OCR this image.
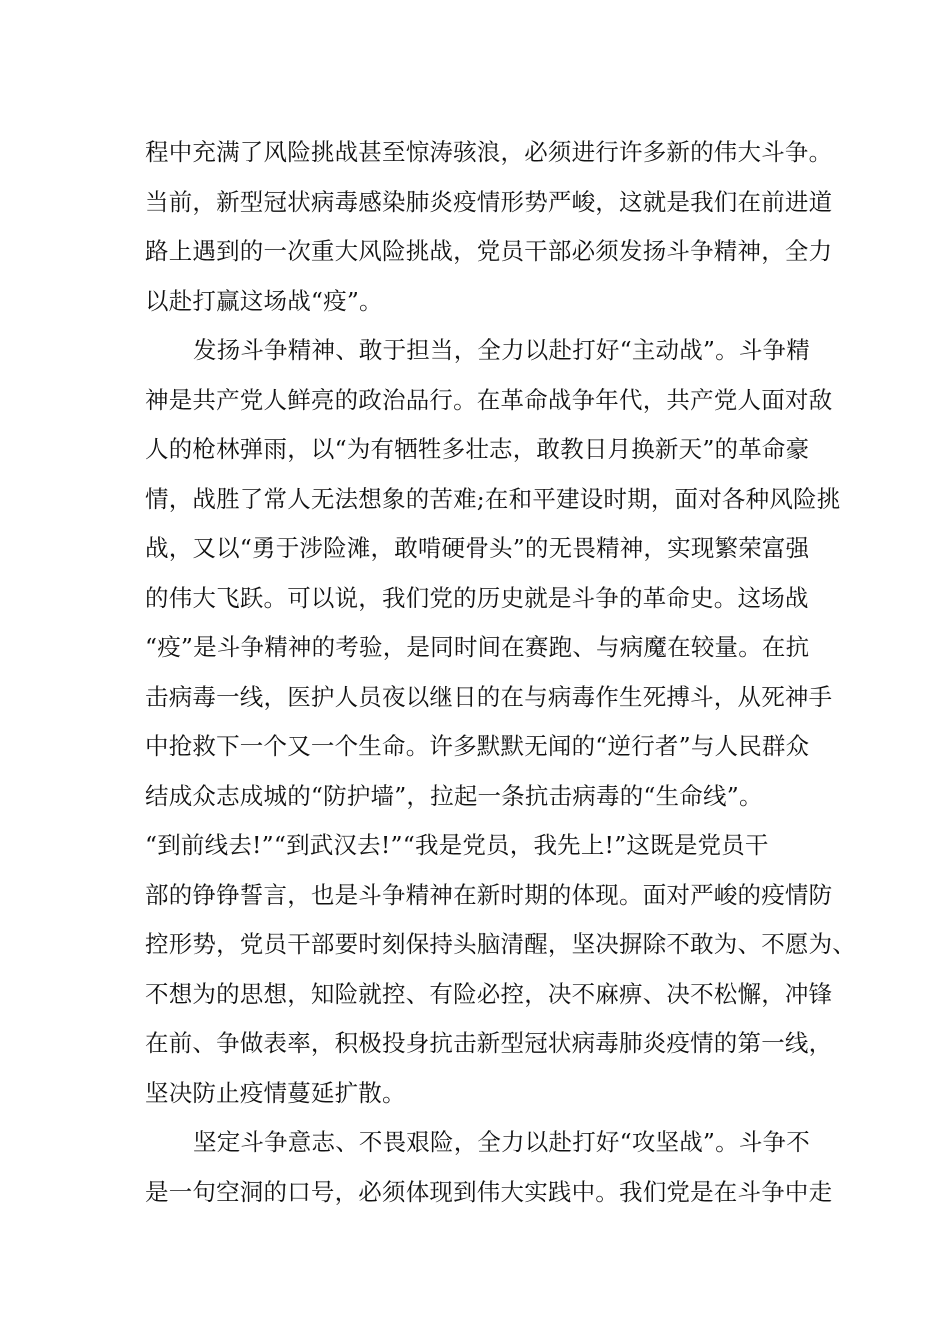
程中充满了风险挑战甚至惊涛骇浪，必须进行许多新的伟大斗争。
当前，新型冠状病毒感染肺炎疫情形势严峻，这就是我们在前进道
路上遇到的一次重大风险挑战，党员干部必须发扬斗争精神，全力
以赴打赢这场战“疫”。
发扬斗争精神、敢于担当，全力以赴打好“主动战”。斗争精
神是共产党人鲜亮的政治品行。在革命战争年代，共产党人面对敌
人的枪林弹雨，以“为有牺牲多壮志，敢教日月换新天”的革命豪
情，战胜了常人无法想象的苦难;在和平建设时期，面对各种风险挑
战，又以“勇于涉险滩，敢啃硬骨头”的无畏精神，实现繁荣富强
的伟大飞跃。可以说，我们党的历史就是斗争的革命史。这场战
“疫”是斗争精神的考验，是同时间在赛跑、与病魔在较量。在抗
击病毒一线，医护人员夜以继日的在与病毒作生死搏斗，从死神手
中抢救下一个又一个生命。许多默默无闻的“逆行者”与人民群众
结成众志成城的“防护墙”，拉起一条抗击病毒的“生命线”。
“到前线去!”“到武汉去!”“我是党员，我先上!”这既是党员干
部的铮铮誓言，也是斗争精神在新时期的体现。面对严峻的疫情防
控形势，党员干部要时刻保持头脑清醒，坚决摒除不敢为、不愿为、
不想为的思想，知险就控、有险必控，决不麻痹、决不松懈，冲锋
在前、争做表率，积极投身抗击新型冠状病毒肺炎疫情的第一线，
坚决防止疫情蔓延扩散。
坚定斗争意志、不畏艰险，全力以赴打好“攻坚战”。斗争不
是一句空洞的口号，必须体现到伟大实践中。我们党是在斗争中走
